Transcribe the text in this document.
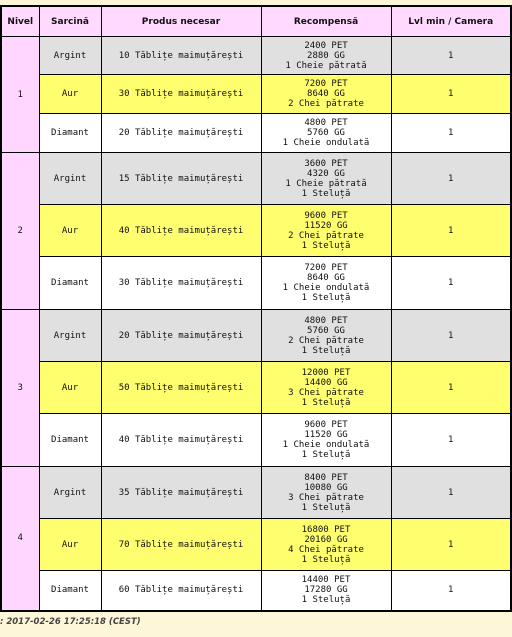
Nivel	Sarcină	Produs necesar	Recompensă	Lvl min / Camera
1	Argint	10 Tăblițe maimuțărești	2400 PET
2880 GG
1 Cheie pătrată	1
	Aur	30 Tăblițe maimuțărești	7200 PET
8640 GG
2 Chei pătrate	1
	Diamant	20 Tăblițe maimuțărești	4800 PET
5760 GG
1 Cheie ondulată	1
2	Argint	15 Tăblițe maimuțărești	3600 PET
4320 GG
1 Cheie pătrată
1 Steluță	1
	Aur	40 Tăblițe maimuțărești	9600 PET
11520 GG
2 Chei pătrate
1 Steluță	1
	Diamant	30 Tăblițe maimuțărești	7200 PET
8640 GG
1 Cheie ondulată
1 Steluță	1
3	Argint	20 Tăblițe maimuțărești	4800 PET
5760 GG
2 Chei pătrate
1 Steluță	1
	Aur	50 Tăblițe maimuțărești	12000 PET
14400 GG
3 Chei pătrate
1 Steluță	1
	Diamant	40 Tăblițe maimuțărești	9600 PET
11520 GG
1 Cheie ondulată
1 Steluță	1
4	Argint	35 Tăblițe maimuțărești	8400 PET
10080 GG
3 Chei pătrate
1 Steluță	1
	Aur	70 Tăblițe maimuțărești	16800 PET
20160 GG
4 Chei pătrate
1 Steluță	1
	Diamant	60 Tăblițe maimuțărești	14400 PET
17280 GG
1 Steluță	1
: 2017-02-26 17:25:18 (CEST)
